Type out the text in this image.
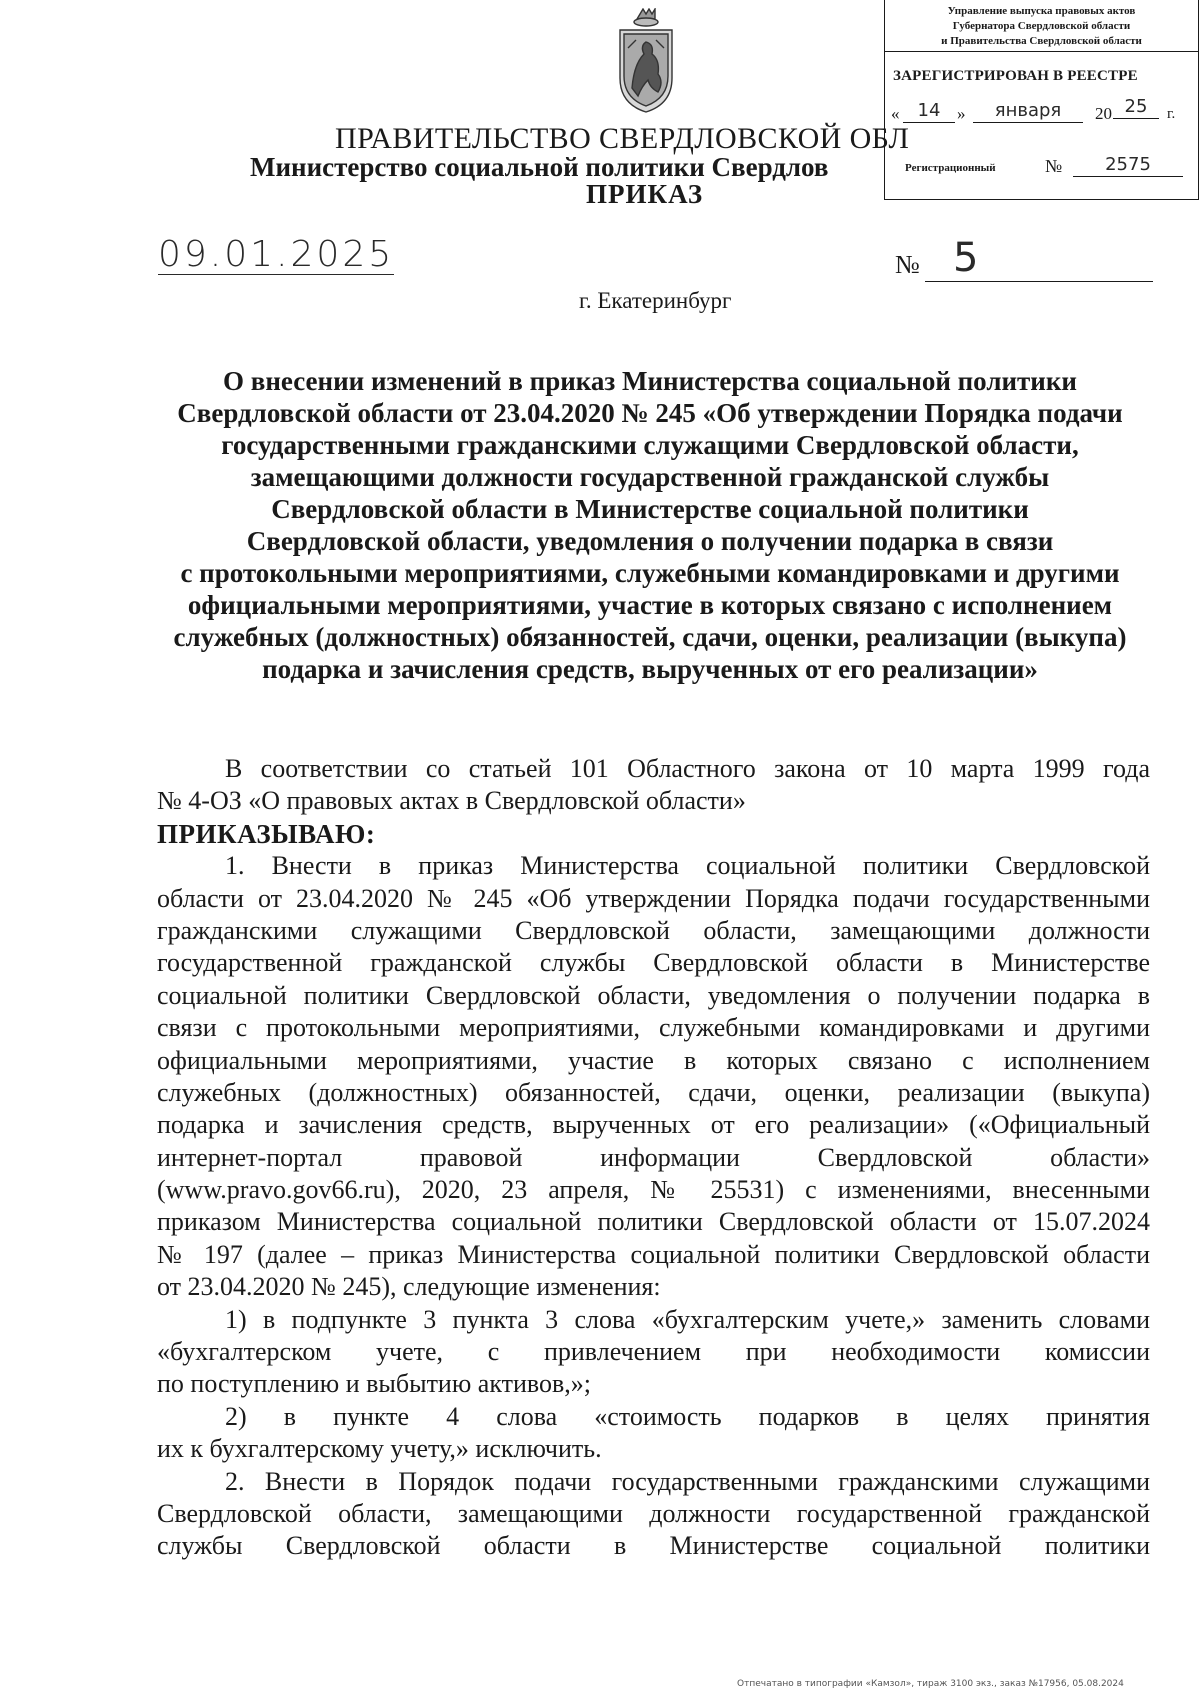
Управление выпуска правовых актов
Губернатора Свердловской области
и Правительства Свердловской области
ЗАРЕГИСТРИРОВАН В РЕЕСТРЕ
«	14 »	января	20 25	г.
Регистрационный	№	2575
ПРАВИТЕЛЬСТВО СВЕРДЛОВСКОЙ ОБЛ
Министерство социальной политики Свердлов
ПРИКАЗ
09.01.2025	№ 5
г. Екатеринбург
О внесении изменений в приказ Министерства социальной политики
Свердловской области от 23.04.2020 № 245 «Об утверждении Порядка подачи
государственными гражданскими служащими Свердловской области,
замещающими должности государственной гражданской службы
Свердловской области в Министерстве социальной политики
Свердловской области, уведомления о получении подарка в связи
с протокольными мероприятиями, служебными командировками и другими
официальными мероприятиями, участие в которых связано с исполнением
служебных (должностных) обязанностей, сдачи, оценки, реализации (выкупа)
подарка и зачисления средств, вырученных от его реализации»
В соответствии со статьей 101 Областного закона от 10 марта 1999 года
№ 4-ОЗ «О правовых актах в Свердловской области»
ПРИКАЗЫВАЮ:
1. Внести в приказ Министерства социальной политики Свердловской
области от 23.04.2020 № 245 «Об утверждении Порядка подачи государственными
гражданскими служащими Свердловской области, замещающими должности
государственной гражданской службы Свердловской области в Министерстве
социальной политики Свердловской области, уведомления о получении подарка в
связи с протокольными мероприятиями, служебными командировками и другими
официальными мероприятиями, участие в которых связано с исполнением
служебных (должностных) обязанностей, сдачи, оценки, реализации (выкупа)
подарка и зачисления средств, вырученных от его реализации» («Официальный
интернет-портал правовой информации Свердловской области»
(www.pravo.gov66.ru), 2020, 23 апреля, № 25531) с изменениями, внесенными
приказом Министерства социальной политики Свердловской области от 15.07.2024
№ 197 (далее – приказ Министерства социальной политики Свердловской области
от 23.04.2020 № 245), следующие изменения:
1) в подпункте 3 пункта 3 слова «бухгалтерским учете,» заменить словами
«бухгалтерском учете, с привлечением при необходимости комиссии
по поступлению и выбытию активов,»;
2) в пункте 4 слова «стоимость подарков в целях принятия
их к бухгалтерскому учету,» исключить.
2. Внести в Порядок подачи государственными гражданскими служащими
Свердловской области, замещающими должности государственной гражданской
службы Свердловской области в Министерстве социальной политики
Отпечатано в типографии «Камзол», тираж 3100 экз., заказ №17956, 05.08.2024
